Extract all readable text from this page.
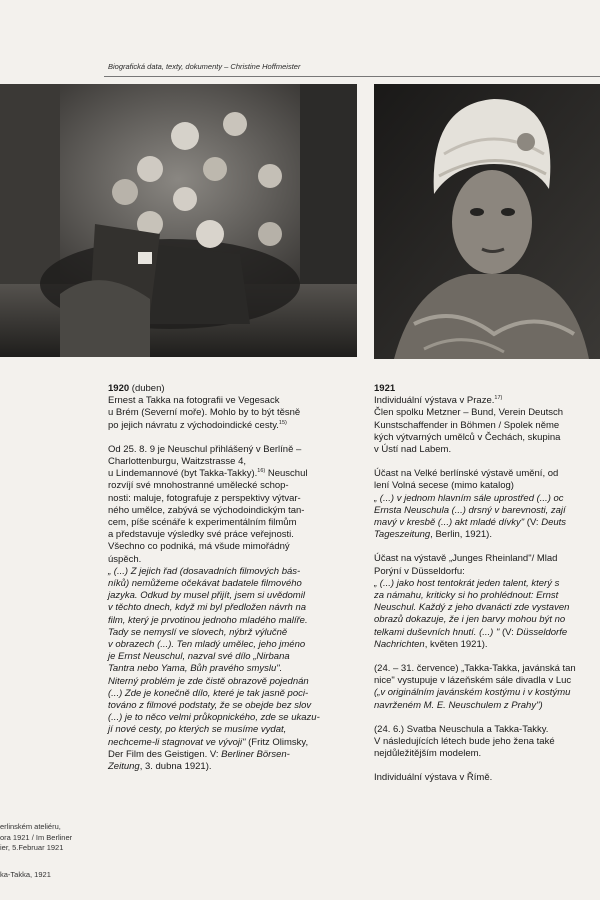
Biografická data, texty, dokumenty – Christine Hoffmeister

erlinském ateliéru,

ora 1921 / Im Berliner

ier, 5.Februar 1921

ka-Takka, 1921

1920 (duben)

Ernest a Takka na fotografii ve Vegesack

u Brém (Severní moře). Mohlo by to být těsně

po jejich návratu z východoindické cesty.$^{15)}$

Od 25. 8. 9 je Neuschul přihlášený v Berlíně –

Charlottenburgu, Waitzstrasse 4,

u Lindemannové (byt Takka-Takky).$^{16)}$ Neuschul

rozvíjí své mnohostranné umělecké schop-

nosti: maluje, fotografuje z perspektivy výtvar-

ného umělce, zabývá se východoindickým tan-

cem, píše scénáře k experimentálním filmům

a představuje výsledky své práce veřejnosti.

Všechno co podniká, má všude mimořádný

úspěch.

„ (...) Z jejich řad (dosavadních filmových bás-

níků) nemůžeme očekávat badatele filmového

jazyka. Odkud by musel přijít, jsem si uvědomil

v těchto dnech, když mi byl předložen návrh na

film, který je prvotinou jednoho mladého malíře.

Tady se nemyslí ve slovech, nýbrž výlučně

v obrazech (...). Ten mladý umělec, jeho jméno

je Ernst Neuschul, nazval své dílo „Nirbana

Tantra nebo Yama, Bůh pravého smyslu".

Niterný problém je zde čistě obrazově pojednán

(...) Zde je konečně dílo, které je tak jasně poci-

továno z filmové podstaty, že se obejde bez slov

(...) je to něco velmi průkopnického, zde se ukazu-

jí nové cesty, po kterých se musíme vydat,

nechceme-li stagnovat ve vývoji" (Fritz Olimsky,

Der Film des Geistigen. V: Berliner Börsen-

Zeitung, 3. dubna 1921).

1921

Individuální výstava v Praze.$^{17)}$

Člen spolku Metzner – Bund, Verein Deutsch

Kunstschaffender in Böhmen / Spolek něme

kých výtvarných umělců v Čechách, skupina

v Ústí nad Labem.

Účast na Velké berlínské výstavě umění, od

lení Volná secese (mimo katalog)

„ (...) v jednom hlavním sále uprostřed (...) oc

Ernsta Neuschula (...) drsný v barevnosti, zají

mavý v kresbě (...) akt mladé dívky" (V: Deuts

Tageszeitung, Berlin, 1921).

Účast na výstavě „Junges Rheinland"/ Mlad

Porýní v Düsseldorfu:

„ (...) jako host tentokrát jeden talent, který s

za námahu, kriticky si ho prohlédnout: Ernst

Neuschul. Každý z jeho dvanácti zde vystaven

obrazů dokazuje, že i jen barvy mohou být no

telkami duševních hnutí. (...) " (V: Düsseldorfe

Nachrichten, květen 1921).

(24. – 31. července) „Takka-Takka, javánská tan

nice" vystupuje v lázeňském sále divadla v Luc

(„v originálním javánském kostýmu i v kostýmu

navrženém M. E. Neuschulem z Prahy")

(24. 6.) Svatba Neuschula a Takka-Takky.

V následujících létech bude jeho žena také

nejdůležitějším modelem.

Individuální výstava v Římě.
